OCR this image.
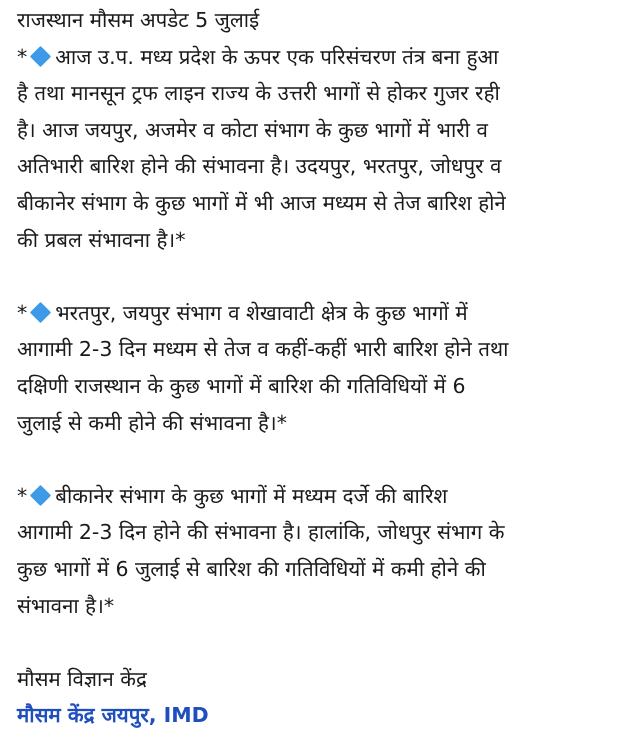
राजस्थान मौसम अपडेट 5 जुलाई
* आज उ.प. मध्य प्रदेश के ऊपर एक परिसंचरण तंत्र बना हुआ
है तथा मानसून ट्रफ लाइन राज्य के उत्तरी भागों से होकर गुजर रही
है। आज जयपुर, अजमेर व कोटा संभाग के कुछ भागों में भारी व
अतिभारी बारिश होने की संभावना है। उदयपुर, भरतपुर, जोधपुर व
बीकानेर संभाग के कुछ भागों में भी आज मध्यम से तेज बारिश होने
की प्रबल संभावना है।*
* भरतपुर, जयपुर संभाग व शेखावाटी क्षेत्र के कुछ भागों में
आगामी 2-3 दिन मध्यम से तेज व कहीं-कहीं भारी बारिश होने तथा
दक्षिणी राजस्थान के कुछ भागों में बारिश की गतिविधियों में 6
जुलाई से कमी होने की संभावना है।*
* बीकानेर संभाग के कुछ भागों में मध्यम दर्जे की बारिश
आगामी 2-3 दिन होने की संभावना है। हालांकि, जोधपुर संभाग के
कुछ भागों में 6 जुलाई से बारिश की गतिविधियों में कमी होने की
संभावना है।*
मौसम विज्ञान केंद्र
मौसम केंद्र जयपुर, IMD
